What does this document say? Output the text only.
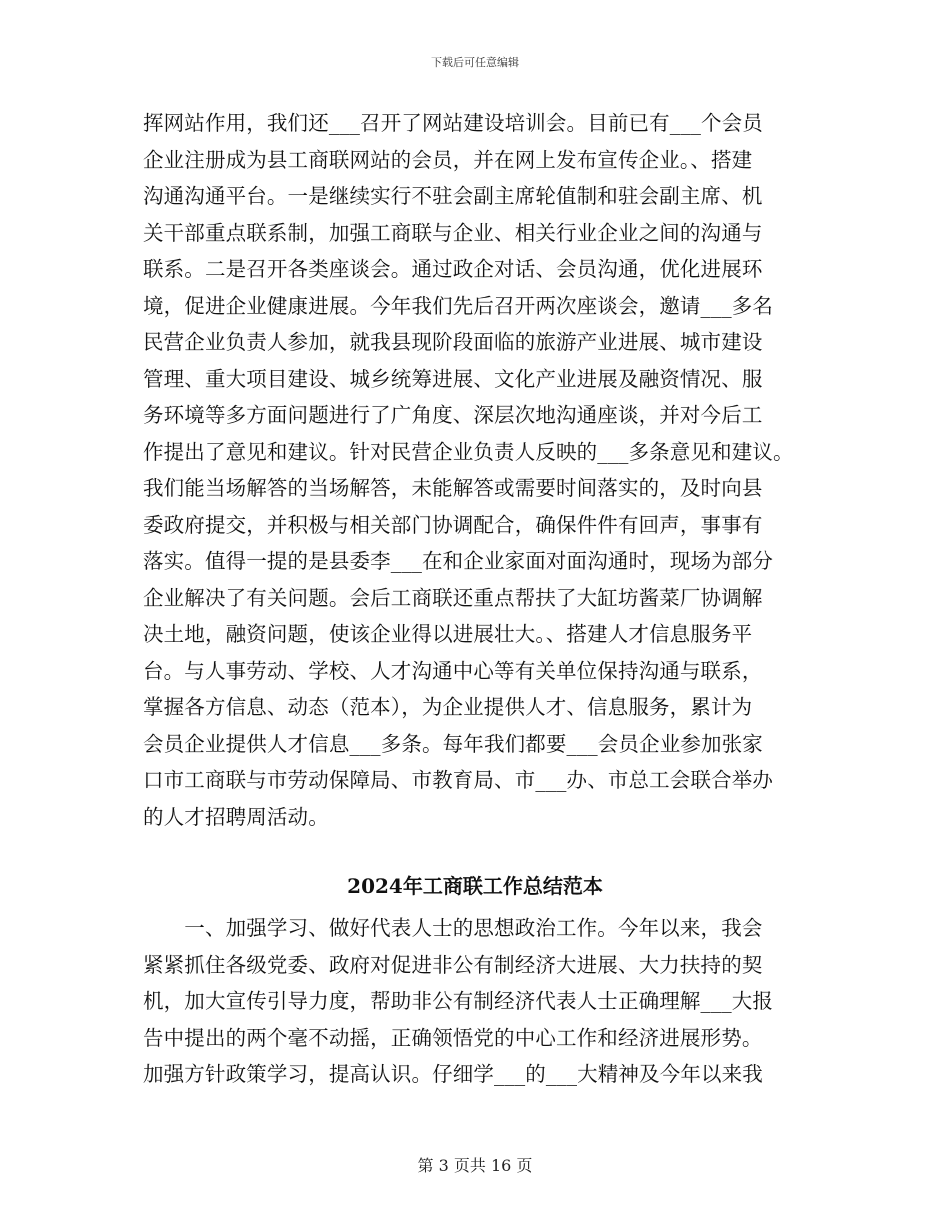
下载后可任意编辑
挥网站作用，我们还___召开了网站建设培训会。目前已有___个会员
企业注册成为县工商联网站的会员，并在网上发布宣传企业。、搭建
沟通沟通平台。一是继续实行不驻会副主席轮值制和驻会副主席、机
关干部重点联系制，加强工商联与企业、相关行业企业之间的沟通与
联系。二是召开各类座谈会。通过政企对话、会员沟通，优化进展环
境，促进企业健康进展。今年我们先后召开两次座谈会，邀请___多名
民营企业负责人参加，就我县现阶段面临的旅游产业进展、城市建设
管理、重大项目建设、城乡统筹进展、文化产业进展及融资情况、服
务环境等多方面问题进行了广角度、深层次地沟通座谈，并对今后工
作提出了意见和建议。针对民营企业负责人反映的___多条意见和建议。
我们能当场解答的当场解答，未能解答或需要时间落实的，及时向县
委政府提交，并积极与相关部门协调配合，确保件件有回声，事事有
落实。值得一提的是县委李___在和企业家面对面沟通时，现场为部分
企业解决了有关问题。会后工商联还重点帮扶了大缸坊酱菜厂协调解
决土地，融资问题，使该企业得以进展壮大。、搭建人才信息服务平
台。与人事劳动、学校、人才沟通中心等有关单位保持沟通与联系，
掌握各方信息、动态（范本），为企业提供人才、信息服务，累计为
会员企业提供人才信息___多条。每年我们都要___会员企业参加张家
口市工商联与市劳动保障局、市教育局、市___办、市总工会联合举办
的人才招聘周活动。
2024年工商联工作总结范本
　　一、加强学习、做好代表人士的思想政治工作。今年以来，我会
紧紧抓住各级党委、政府对促进非公有制经济大进展、大力扶持的契
机，加大宣传引导力度，帮助非公有制经济代表人士正确理解___大报
告中提出的两个毫不动摇，正确领悟党的中心工作和经济进展形势。
加强方针政策学习，提高认识。仔细学___的___大精神及今年以来我
第 3 页共 16 页
